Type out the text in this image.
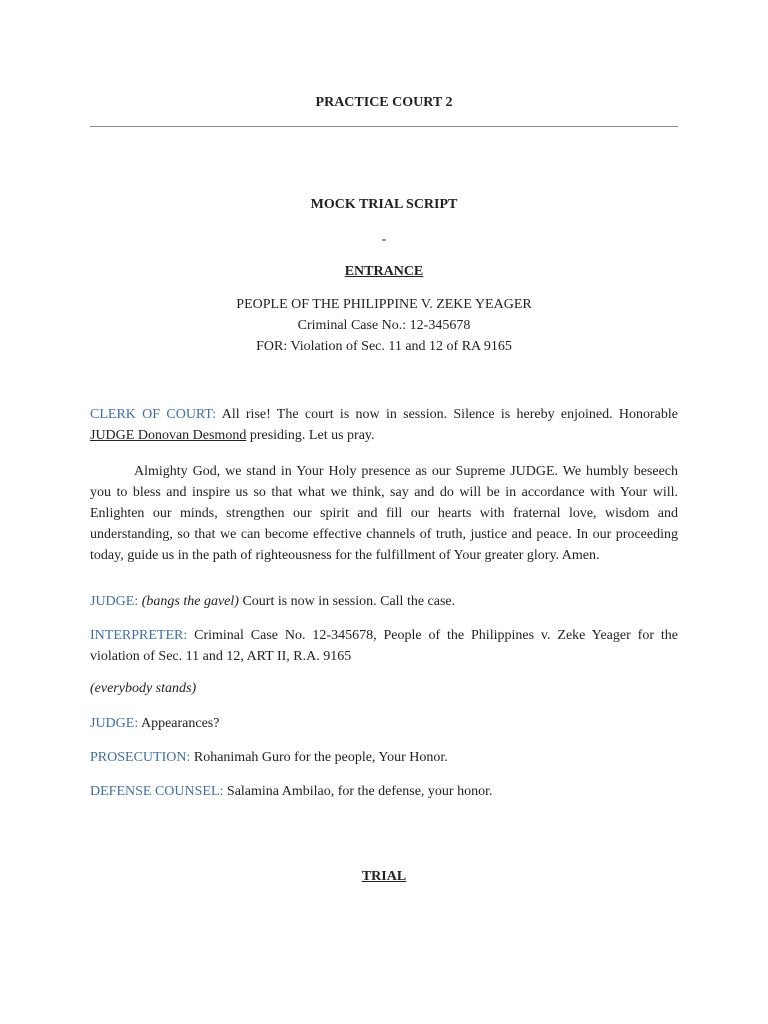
PRACTICE COURT 2
MOCK TRIAL SCRIPT
-
ENTRANCE
PEOPLE OF THE PHILIPPINE V. ZEKE YEAGER
Criminal Case No.: 12-345678
FOR: Violation of Sec. 11 and 12 of RA 9165
CLERK OF COURT: All rise! The court is now in session. Silence is hereby enjoined. Honorable JUDGE Donovan Desmond presiding. Let us pray.
Almighty God, we stand in Your Holy presence as our Supreme JUDGE. We humbly beseech you to bless and inspire us so that what we think, say and do will be in accordance with Your will. Enlighten our minds, strengthen our spirit and fill our hearts with fraternal love, wisdom and understanding, so that we can become effective channels of truth, justice and peace. In our proceeding today, guide us in the path of righteousness for the fulfillment of Your greater glory. Amen.
JUDGE: (bangs the gavel) Court is now in session. Call the case.
INTERPRETER: Criminal Case No. 12-345678, People of the Philippines v. Zeke Yeager for the violation of Sec. 11 and 12, ART II, R.A. 9165
(everybody stands)
JUDGE: Appearances?
PROSECUTION: Rohanimah Guro for the people, Your Honor.
DEFENSE COUNSEL: Salamina Ambilao, for the defense, your honor.
TRIAL
